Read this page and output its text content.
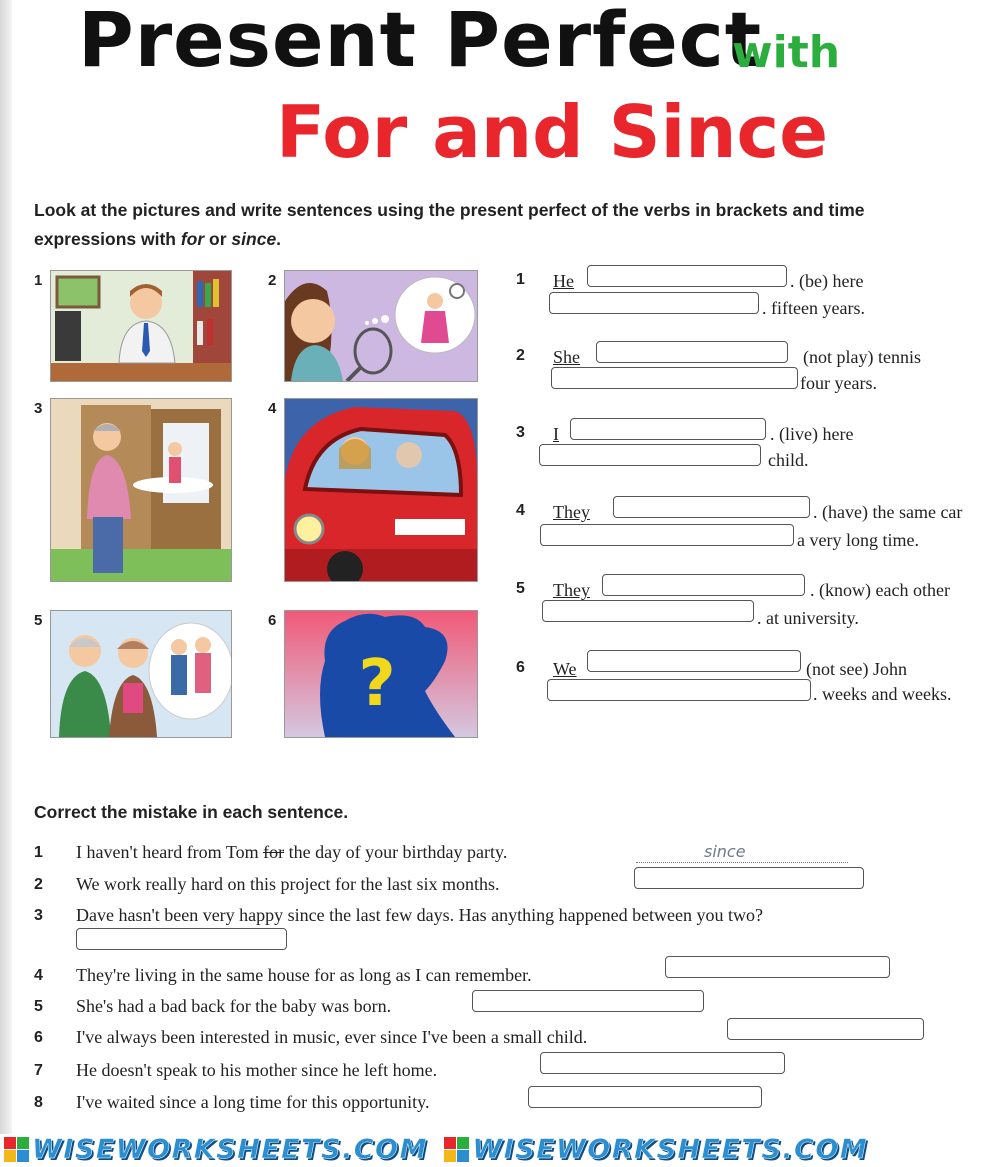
Present Perfect
with
For and Since
Look at the pictures and write sentences using the present perfect of the verbs in brackets and time expressions with for or since.
1	2
3	4
5	6
?
1 He	. (be) here
. fifteen years.
2 She	(not play) tennis
four years.
3 I	. (live) here
child.
4 They	. (have) the same car
a very long time.
5 They	. (know) each other
. at university.
6 We	(not see) John
. weeks and weeks.
Correct the mistake in each sentence.
1 I haven't heard from Tom for the day of your birthday party.	since
2 We work really hard on this project for the last six months.
3 Dave hasn't been very happy since the last few days. Has anything happened between you two?
4 They're living in the same house for as long as I can remember.
5 She's had a bad back for the baby was born.
6 I've always been interested in music, ever since I've been a small child.
7 He doesn't speak to his mother since he left home.
8 I've waited since a long time for this opportunity.
WISEWORKSHEETS.COM
WISEWORKSHEETS.COM
